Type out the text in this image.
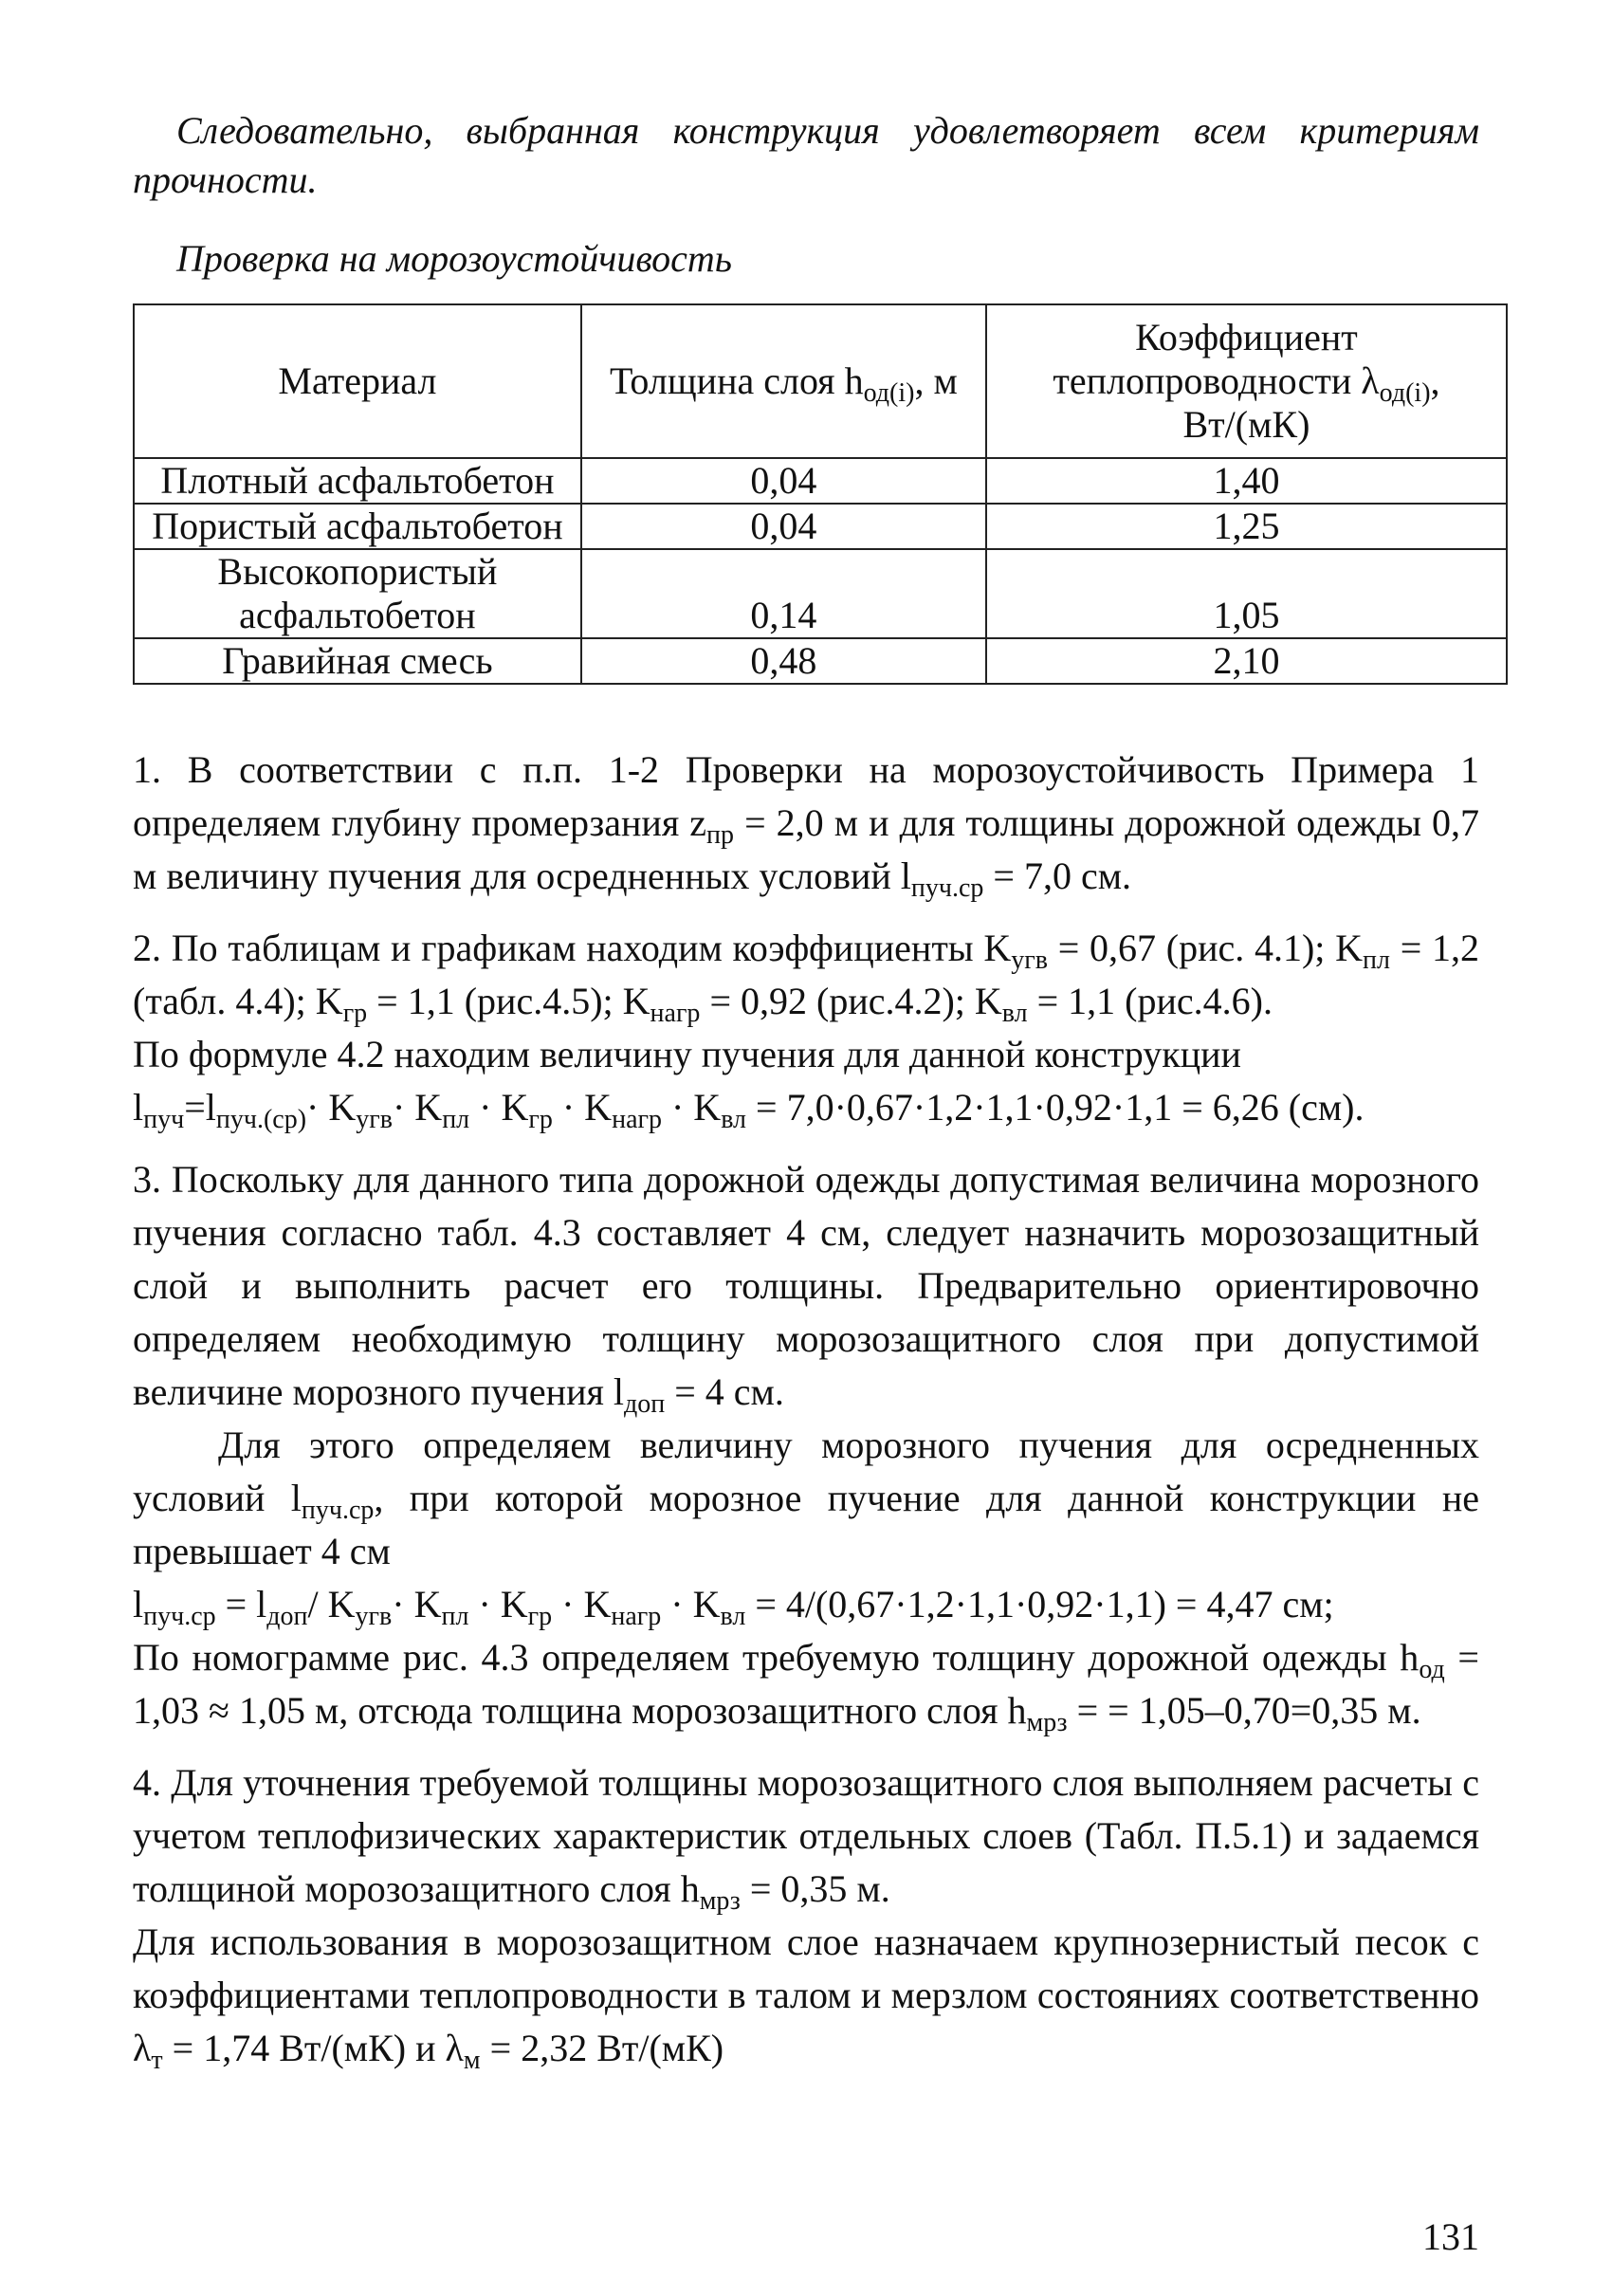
Следовательно, выбранная конструкция удовлетворяет всем критериям прочности.

Проверка на морозоустойчивость
Материал	Толщина слоя $h_{од(i)}$, м	Коэффициент
теплопроводности $\lambda_{од(i)}$,
Вт/(мК)
Плотный асфальтобетон	0,04	1,40
Пористый асфальтобетон	0,04	1,25
Высокопористый
асфальтобетон	0,14	1,05
Гравийная смесь	0,48	2,10

1. В соответствии с п.п. 1-2 Проверки на морозоустойчивость Примера 1 определяем глубину промерзания $z_{пр} = 2,0$ м и для толщины дорожной одежды 0,7 м величину пучения для осредненных условий $l_{пуч.ср} = 7,0$ см.

2. По таблицам и графикам находим коэффициенты $K_{угв} = 0,67$ (рис. 4.1); $K_{пл} = 1,2$ (табл. 4.4); $K_{гр} = 1,1$ (рис.4.5); $K_{нагр} = 0,92$ (рис.4.2); $K_{вл} = 1,1$ (рис.4.6).

По формуле 4.2 находим величину пучения для данной конструкции

$l_{пуч}=l_{пуч.(ср)}\cdot K_{угв}\cdot K_{пл} \cdot K_{гр} \cdot K_{нагр} \cdot K_{вл} = 7,0\cdot 0,67\cdot 1,2\cdot 1,1\cdot 0,92\cdot 1,1 = 6,26$ (см).

3. Поскольку для данного типа дорожной одежды допустимая величина морозного пучения согласно табл. 4.3 составляет 4 см, следует назначить морозозащитный слой и выполнить расчет его толщины. Предварительно ориентировочно определяем необходимую толщину морозозащитного слоя при допустимой величине морозного пучения $l_{доп} = 4$ см.

Для этого определяем величину морозного пучения для осредненных условий $l_{пуч.ср}$, при которой морозное пучение для данной конструкции не превышает 4 см

$l_{пуч.ср} = l_{доп}/$ $K_{угв}\cdot K_{пл} \cdot K_{гр} \cdot K_{нагр} \cdot K_{вл} = 4/(0,67\cdot 1,2\cdot 1,1\cdot 0,92\cdot 1,1) = 4,47$ см;

По номограмме рис. 4.3 определяем требуемую толщину дорожной одежды $h_{од} = 1,03 \approx 1,05$ м, отсюда толщина морозозащитного слоя $h_{мрз}$ = = 1,05–0,70=0,35 м.

4. Для уточнения требуемой толщины морозозащитного слоя выполняем расчеты с учетом теплофизических характеристик отдельных слоев (Табл. П.5.1) и задаемся толщиной морозозащитного слоя $h_{мрз} = 0,35$ м.

Для использования в морозозащитном слое назначаем крупнозернистый песок с коэффициентами теплопроводности в талом и мерзлом состояниях соответственно $\lambda_т = 1,74$ Вт/(мК) и $\lambda_м = 2,32$ Вт/(мК)

131
